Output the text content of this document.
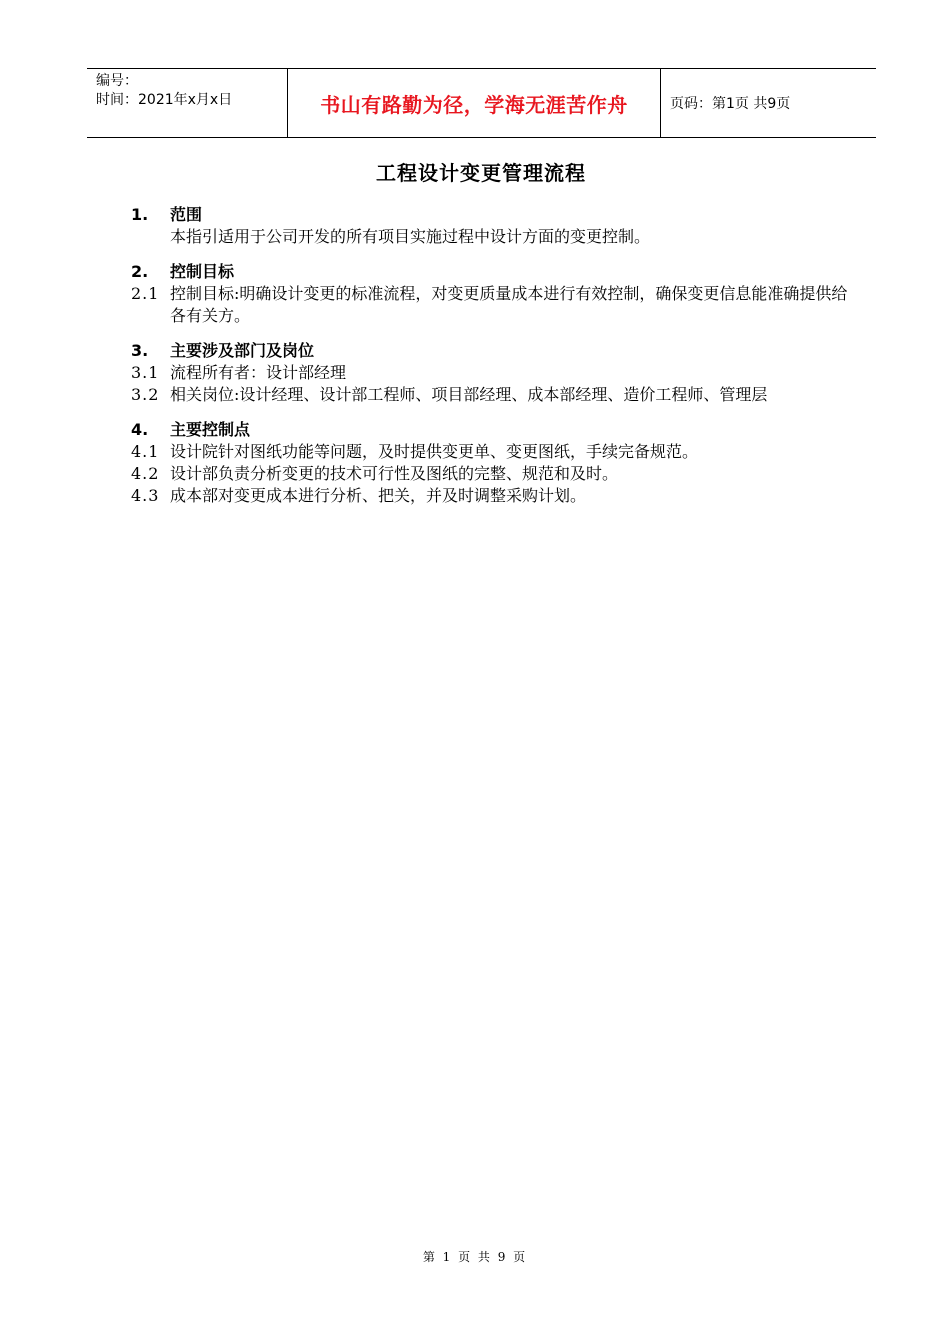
编号：
时间：2021年x月x日	书山有路勤为径，学海无涯苦作舟	页码：第1页 共9页
工程设计变更管理流程
1.	范围
本指引适用于公司开发的所有项目实施过程中设计方面的变更控制。
2.	控制目标
2.1 控制目标:明确设计变更的标准流程，对变更质量成本进行有效控制，确保变更信息能准确提供给各有关方。
3.	主要涉及部门及岗位
3.1 流程所有者：设计部经理
3.2 相关岗位:设计经理、设计部工程师、项目部经理、成本部经理、造价工程师、管理层
4.	主要控制点
4.1 设计院针对图纸功能等问题，及时提供变更单、变更图纸，手续完备规范。
4.2 设计部负责分析变更的技术可行性及图纸的完整、规范和及时。
4.3 成本部对变更成本进行分析、把关，并及时调整采购计划。
第 1 页 共 9 页
